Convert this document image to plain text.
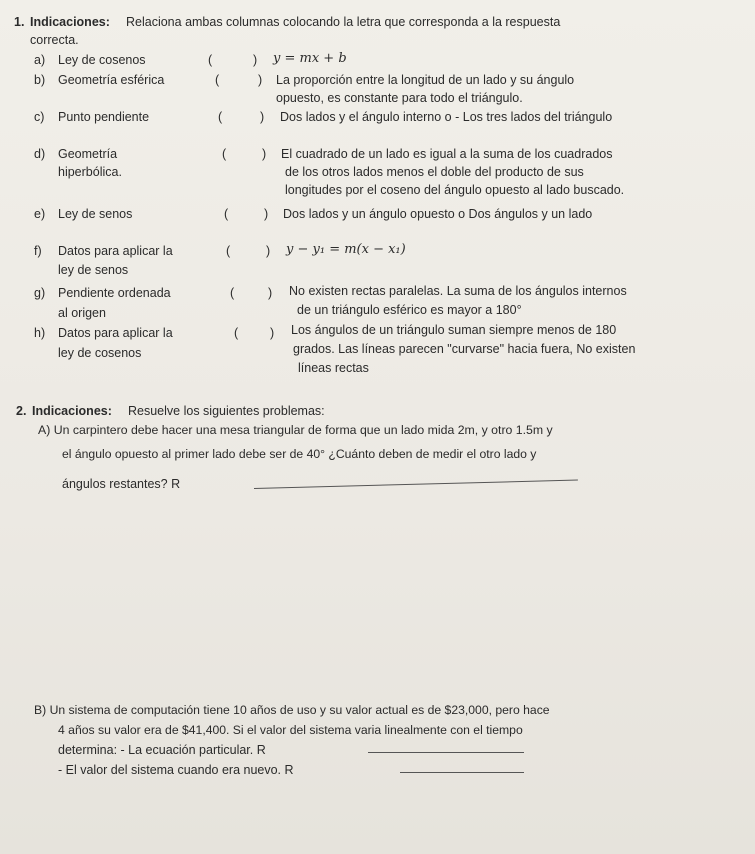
1. Indicaciones: Relaciona ambas columnas colocando la letra que corresponda a la respuesta
correcta.
a) Ley de cosenos	(	) y = mx + b
b) Geometría esférica	(	) La proporción entre la longitud de un lado y su ángulo
opuesto, es constante para todo el triángulo.
c) Punto pendiente	(	) Dos lados y el ángulo interno o - Los tres lados del triángulo
d) Geometría
hiperbólica.
(	) El cuadrado de un lado es igual a la suma de los cuadrados
de los otros lados menos el doble del producto de sus
longitudes por el coseno del ángulo opuesto al lado buscado.
e) Ley de senos	(	) Dos lados y un ángulo opuesto o Dos ángulos y un lado
f) Datos para aplicar la
ley de senos
(	) y − y₁ = m(x − x₁)
g) Pendiente ordenada
al origen
(	) No existen rectas paralelas. La suma de los ángulos internos
de un triángulo esférico es mayor a 180°
h) Datos para aplicar la
ley de cosenos
(	) Los ángulos de un triángulo suman siempre menos de 180
grados. Las líneas parecen "curvarse" hacia fuera, No existen
líneas rectas
2. Indicaciones: Resuelve los siguientes problemas:
A) Un carpintero debe hacer una mesa triangular de forma que un lado mida 2m, y otro 1.5m y
el ángulo opuesto al primer lado debe ser de 40° ¿Cuánto deben de medir el otro lado y
ángulos restantes? R
B) Un sistema de computación tiene 10 años de uso y su valor actual es de $23,000, pero hace
4 años su valor era de $41,400. Si el valor del sistema varia linealmente con el tiempo
determina: - La ecuación particular. R
- El valor del sistema cuando era nuevo. R
